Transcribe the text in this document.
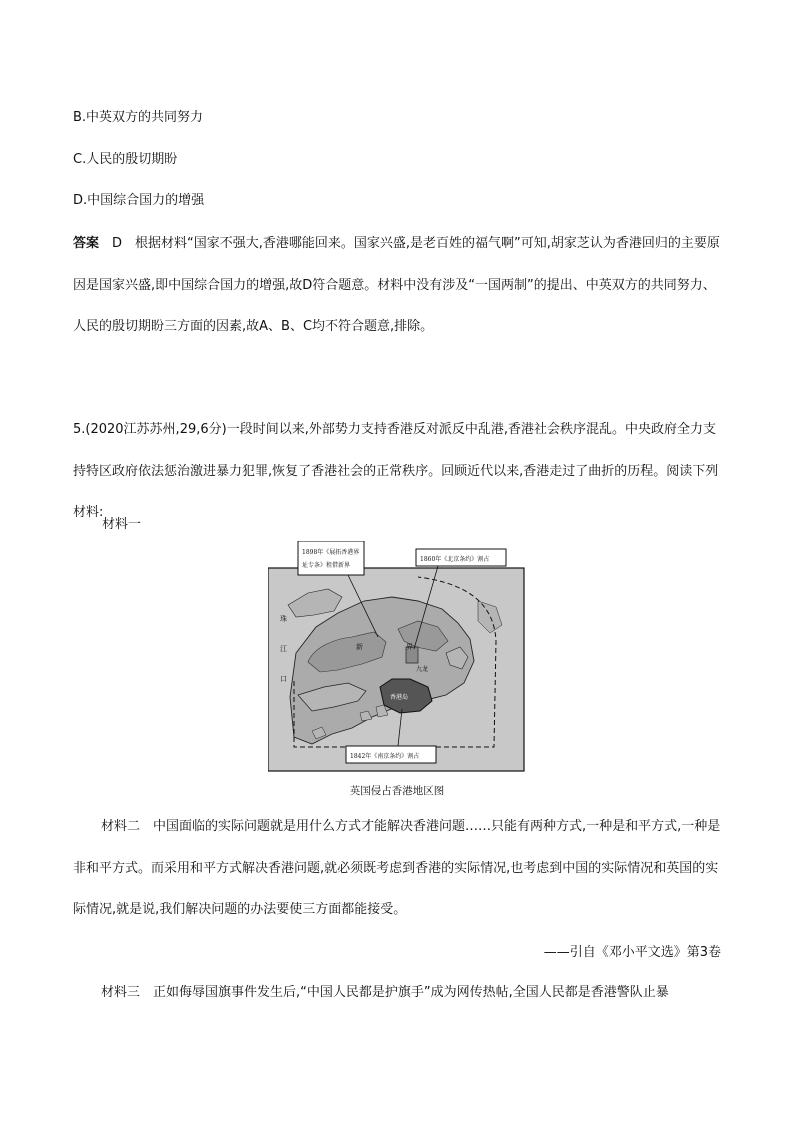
B.中英双方的共同努力
C.人民的殷切期盼
D.中国综合国力的增强
答案　D　根据材料“国家不强大,香港哪能回来。国家兴盛,是老百姓的福气啊”可知,胡家芝认为香港回归的主要原因是国家兴盛,即中国综合国力的增强,故D符合题意。材料中没有涉及“一国两制”的提出、中英双方的共同努力、人民的殷切期盼三方面的因素,故A、B、C均不符合题意,排除。
5.(2020江苏苏州,29,6分)一段时间以来,外部势力支持香港反对派反中乱港,香港社会秩序混乱。中央政府全力支持特区政府依法惩治激进暴力犯罪,恢复了香港社会的正常秩序。回顾近代以来,香港走过了曲折的历程。阅读下列材料:
材料一
1898年《展拓香港界
址专条》租借新界
1860年《北京条约》割占
1842年《南京条约》割占
珠
江
口
新	界
九龙
香港岛
英国侵占香港地区图
材料二　中国面临的实际问题就是用什么方式才能解决香港问题……只能有两种方式,一种是和平方式,一种是非和平方式。而采用和平方式解决香港问题,就必须既考虑到香港的实际情况,也考虑到中国的实际情况和英国的实际情况,就是说,我们解决问题的办法要使三方面都能接受。
——引自《邓小平文选》第3卷
材料三　正如侮辱国旗事件发生后,“中国人民都是护旗手”成为网传热帖,全国人民都是香港警队止暴
